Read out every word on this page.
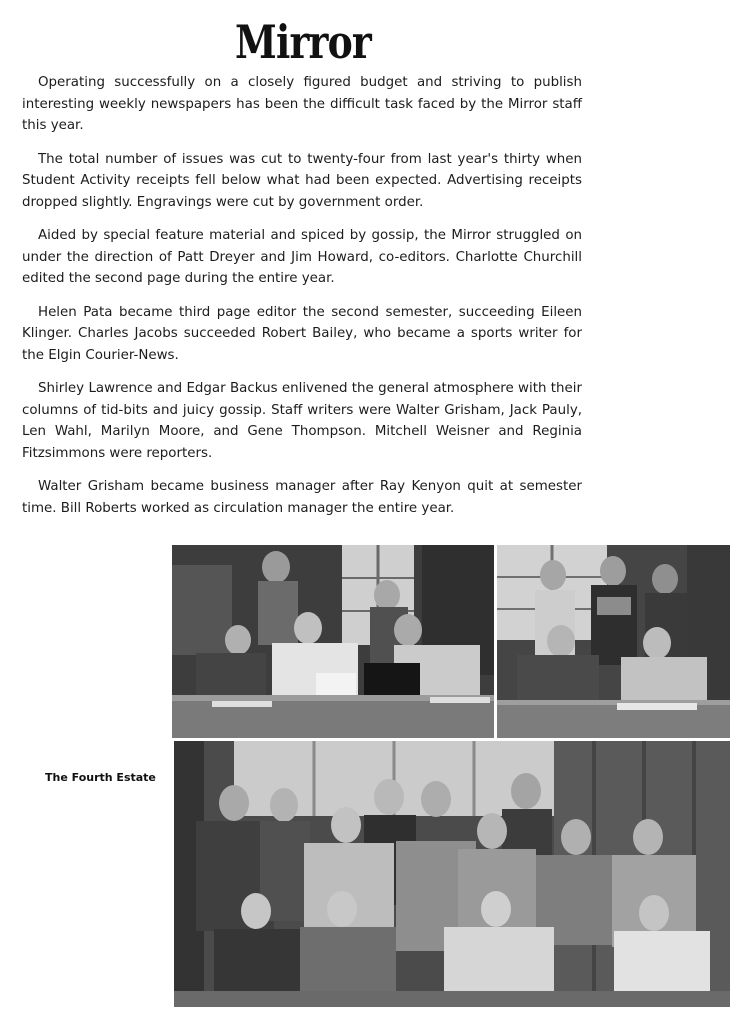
Mirror

Operating successfully on a closely figured budget and striving to publish interesting weekly newspapers has been the difficult task faced by the Mirror staff this year.

The total number of issues was cut to twenty-four from last year's thirty when Student Activity receipts fell below what had been expected. Advertising receipts dropped slightly. Engravings were cut by government order.

Aided by special feature material and spiced by gossip, the Mirror struggled on under the direction of Patt Dreyer and Jim Howard, co-editors. Charlotte Churchill edited the second page during the entire year.

Helen Pata became third page editor the second semester, succeeding Eileen Klinger. Charles Jacobs succeeded Robert Bailey, who became a sports writer for the Elgin Courier-News.

Shirley Lawrence and Edgar Backus enlivened the general atmosphere with their columns of tid-bits and juicy gossip. Staff writers were Walter Grisham, Jack Pauly, Len Wahl, Marilyn Moore, and Gene Thompson. Mitchell Weisner and Reginia Fitzsimmons were reporters.

Walter Grisham became business manager after Ray Kenyon quit at semester time. Bill Roberts worked as circulation manager the entire year.

The Fourth Estate
